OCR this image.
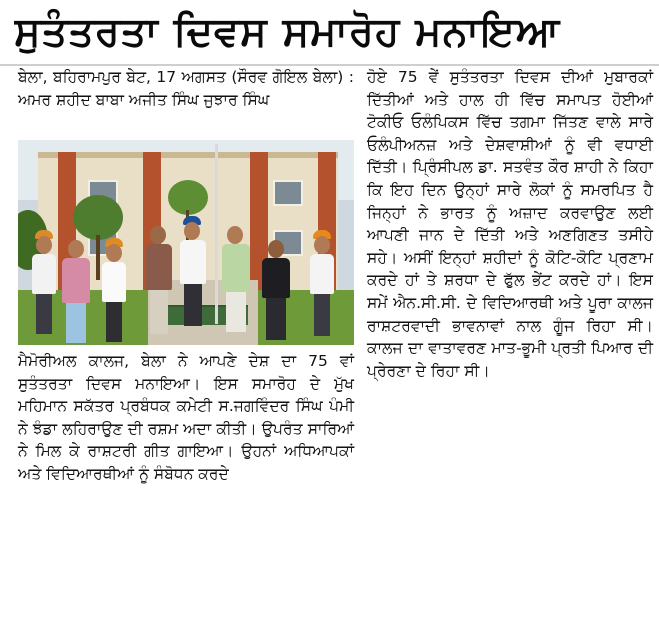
ਸੁਤੰਤਰਤਾ ਦਿਵਸ ਸਮਾਰੋਹ ਮਨਾਇਆ

ਬੇਲਾ, ਬਹਿਰਾਮਪੁਰ ਬੇਟ, 17 ਅਗਸਤ (ਸੌਰਵ ਗੋਇਲ ਬੇਲਾ) : ਅਮਰ ਸ਼ਹੀਦ ਬਾਬਾ ਅਜੀਤ ਸਿੰਘ ਜੁਝਾਰ ਸਿੰਘ

ਮੈਮੋਰੀਅਲ ਕਾਲਜ, ਬੇਲਾ ਨੇ ਆਪਣੇ ਦੇਸ਼ ਦਾ 75 ਵਾਂ ਸੁਤੰਤਰਤਾ ਦਿਵਸ ਮਨਾਇਆ। ਇਸ ਸਮਾਰੋਹ ਦੇ ਮੁੱਖ ਮਹਿਮਾਨ ਸਕੱਤਰ ਪ੍ਰਬੰਧਕ ਕਮੇਟੀ ਸ.ਜਗਵਿੰਦਰ ਸਿੰਘ ਪੰਮੀ ਨੇ ਝੰਡਾ ਲਹਿਰਾਉਣ ਦੀ ਰਸ਼ਮ ਅਦਾ ਕੀਤੀ। ਉਪਰੰਤ ਸਾਰਿਆਂ ਨੇ ਮਿਲ ਕੇ ਰਾਸ਼ਟਰੀ ਗੀਤ ਗਾਇਆ। ਉਹਨਾਂ ਅਧਿਆਪਕਾਂ ਅਤੇ ਵਿਦਿਆਰਥੀਆਂ ਨੂੰ ਸੰਬੋਧਨ ਕਰਦੇ

ਹੋਏ 75 ਵੇਂ ਸੁਤੰਤਰਤਾ ਦਿਵਸ ਦੀਆਂ ਮੁਬਾਰਕਾਂ ਦਿੱਤੀਆਂ ਅਤੇ ਹਾਲ ਹੀ ਵਿੱਚ ਸਮਾਪਤ ਹੋਈਆਂ ਟੋਕੀਓ ਓਲੰਪਿਕਸ ਵਿੱਚ ਤਗਮਾ ਜਿੱਤਣ ਵਾਲੇ ਸਾਰੇ ਓਲੰਪੀਅਨਜ਼ ਅਤੇ ਦੇਸ਼ਵਾਸ਼ੀਆਂ ਨੂੰ ਵੀ ਵਧਾਈ ਦਿੱਤੀ। ਪ੍ਰਿੰਸੀਪਲ ਡਾ. ਸਤਵੰਤ ਕੌਰ ਸ਼ਾਹੀ ਨੇ ਕਿਹਾ ਕਿ ਇਹ ਦਿਨ ਉਨ੍ਹਾਂ ਸਾਰੇ ਲੋਕਾਂ ਨੂੰ ਸਮਰਪਿਤ ਹੈ ਜਿਨ੍ਹਾਂ ਨੇ ਭਾਰਤ ਨੂੰ ਅਜ਼ਾਦ ਕਰਵਾਉਣ ਲਈ ਆਪਣੀ ਜਾਨ ਦੇ ਦਿੱਤੀ ਅਤੇ ਅਣਗਿਣਤ ਤਸੀਹੇ ਸਹੇ। ਅਸੀਂ ਇਨ੍ਹਾਂ ਸ਼ਹੀਦਾਂ ਨੂੰ ਕੋਟਿ-ਕੋਟਿ ਪ੍ਰਣਾਮ ਕਰਦੇ ਹਾਂ ਤੇ ਸ਼ਰਧਾ ਦੇ ਫੁੱਲ ਭੇਂਟ ਕਰਦੇ ਹਾਂ। ਇਸ ਸਮੇਂ ਐਨ.ਸੀ.ਸੀ. ਦੇ ਵਿਦਿਆਰਥੀ ਅਤੇ ਪੂਰਾ ਕਾਲਜ ਰਾਸ਼ਟਰਵਾਦੀ ਭਾਵਨਾਵਾਂ ਨਾਲ ਗੂੰਜ ਰਿਹਾ ਸੀ। ਕਾਲਜ ਦਾ ਵਾਤਾਵਰਣ ਮਾਤ-ਭੂਮੀ ਪ੍ਰਤੀ ਪਿਆਰ ਦੀ ਪ੍ਰੇਰਣਾ ਦੇ ਰਿਹਾ ਸੀ।
